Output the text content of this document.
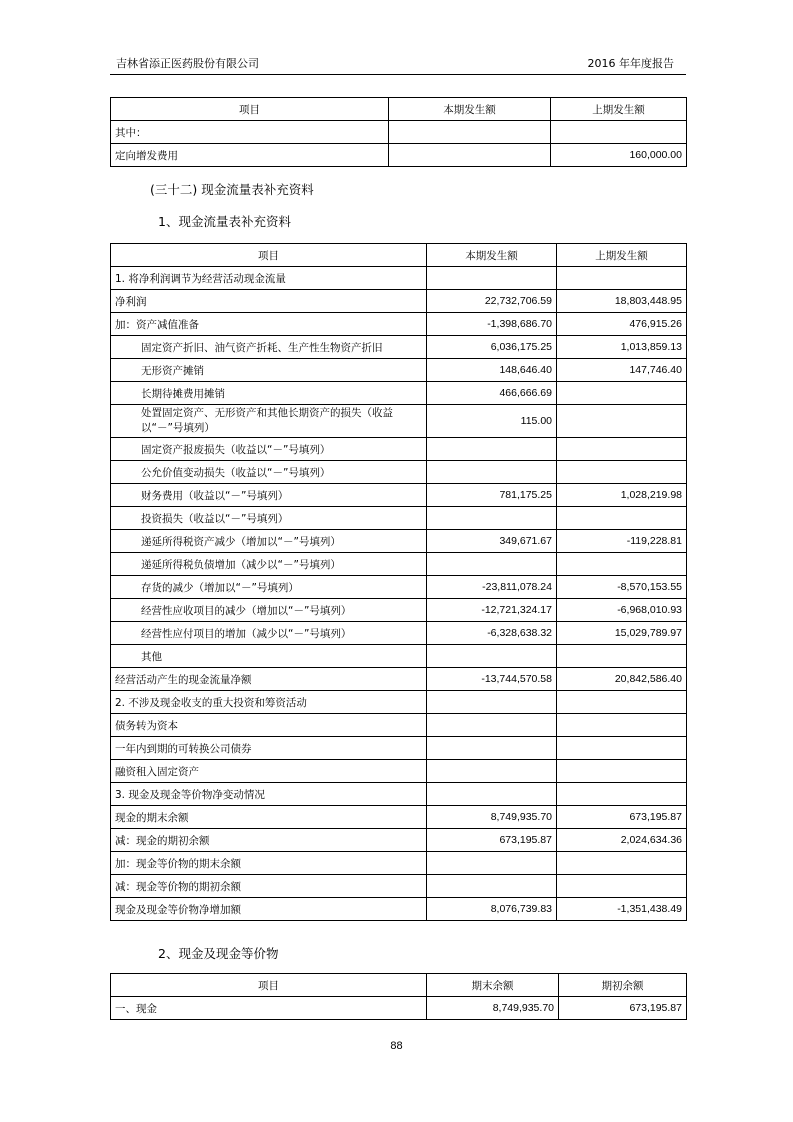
吉林省添正医药股份有限公司	2016 年年度报告
项目	本期发生额	上期发生额
其中：		
定向增发费用		160,000.00
(三十二) 现金流量表补充资料
1、现金流量表补充资料
项目	本期发生额	上期发生额
1. 将净利润调节为经营活动现金流量		
净利润	22,732,706.59	18,803,448.95
加：资产减值准备	-1,398,686.70	476,915.26
固定资产折旧、油气资产折耗、生产性生物资产折旧	6,036,175.25	1,013,859.13
无形资产摊销	148,646.40	147,746.40
长期待摊费用摊销	466,666.69	
处置固定资产、无形资产和其他长期资产的损失（收益以“－”号填列）	115.00	
固定资产报废损失（收益以“－”号填列）		
公允价值变动损失（收益以“－”号填列）		
财务费用（收益以“－”号填列）	781,175.25	1,028,219.98
投资损失（收益以“－”号填列）		
递延所得税资产减少（增加以“－”号填列）	349,671.67	-119,228.81
递延所得税负债增加（减少以“－”号填列）		
存货的减少（增加以“－”号填列）	-23,811,078.24	-8,570,153.55
经营性应收项目的减少（增加以“－”号填列）	-12,721,324.17	-6,968,010.93
经营性应付项目的增加（减少以“－”号填列）	-6,328,638.32	15,029,789.97
其他		
经营活动产生的现金流量净额	-13,744,570.58	20,842,586.40
2. 不涉及现金收支的重大投资和筹资活动		
债务转为资本		
一年内到期的可转换公司债券		
融资租入固定资产		
3. 现金及现金等价物净变动情况		
现金的期末余额	8,749,935.70	673,195.87
减：现金的期初余额	673,195.87	2,024,634.36
加：现金等价物的期末余额		
减：现金等价物的期初余额		
现金及现金等价物净增加额	8,076,739.83	-1,351,438.49
2、现金及现金等价物
项目	期末余额	期初余额
一、现金	8,749,935.70	673,195.87
88
